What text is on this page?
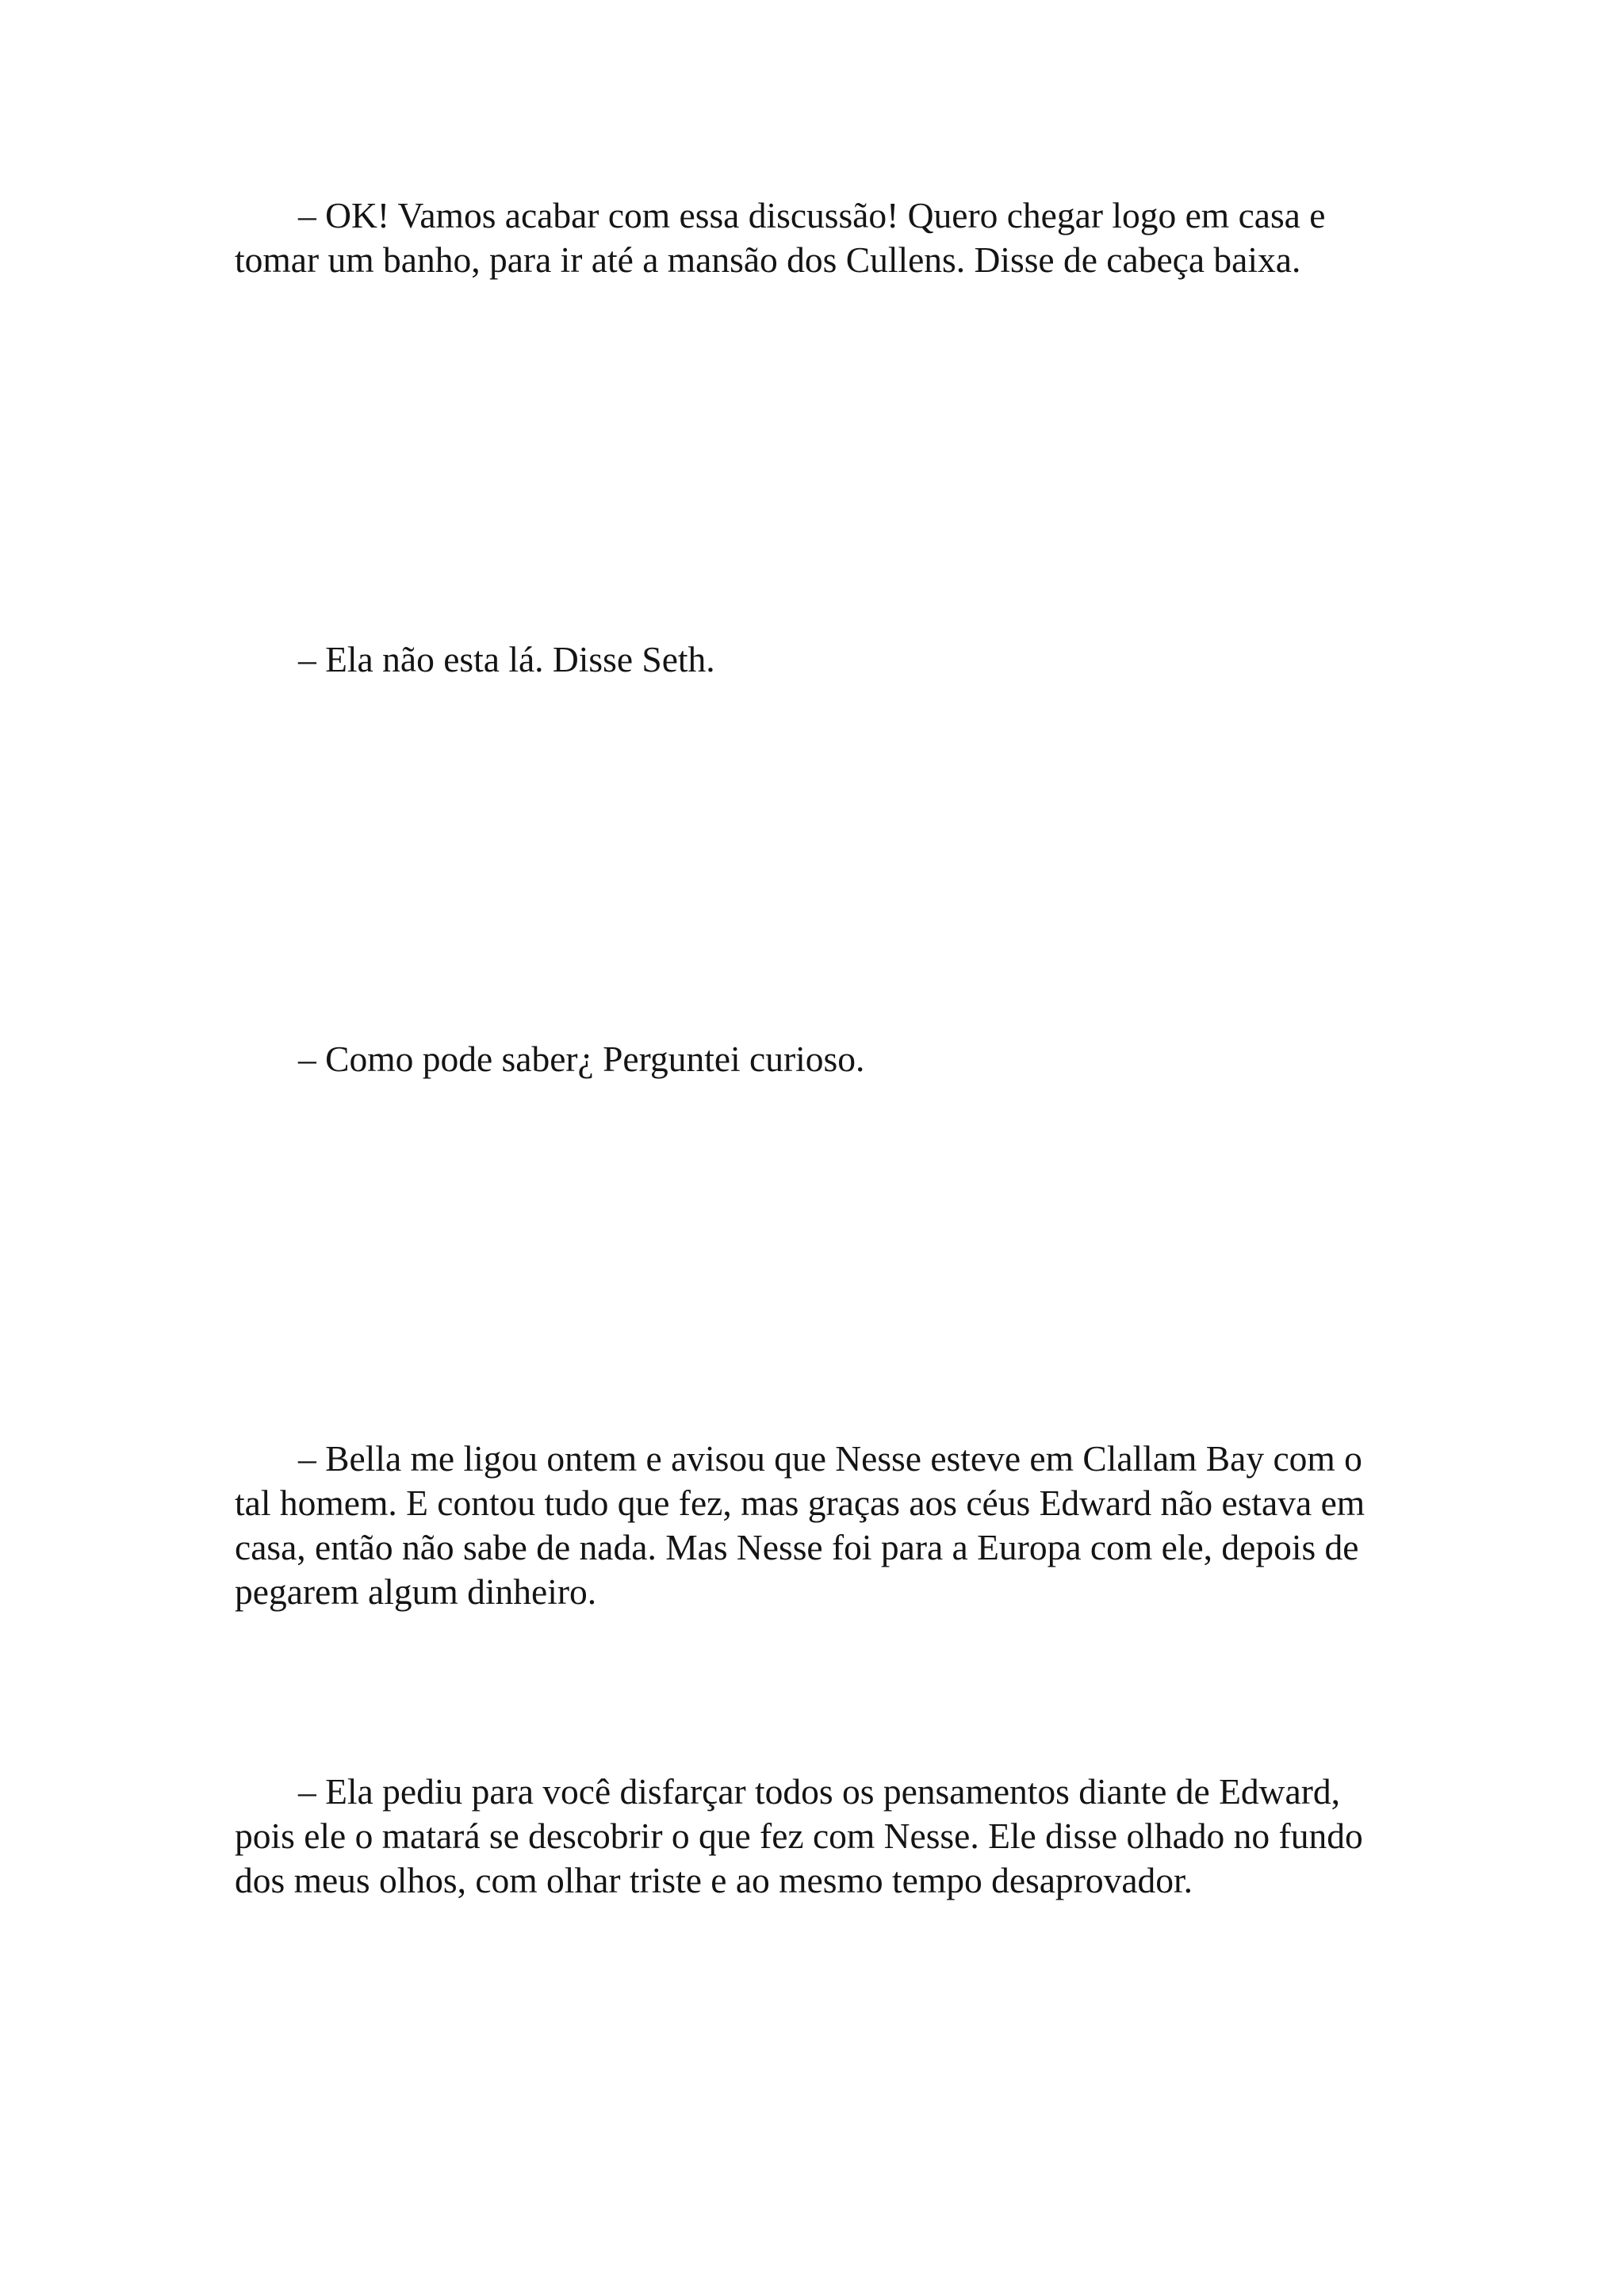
– OK! Vamos acabar com essa discussão! Quero chegar logo em casa e
tomar um banho, para ir até a mansão dos Cullens. Disse de cabeça baixa.
– Ela não esta lá. Disse Seth.
– Como pode saber¿ Perguntei curioso.
– Bella me ligou ontem e avisou que Nesse esteve em Clallam Bay com o
tal homem. E contou tudo que fez, mas graças aos céus Edward não estava em
casa, então não sabe de nada. Mas Nesse foi para a Europa com ele, depois de
pegarem algum dinheiro.
– Ela pediu para você disfarçar todos os pensamentos diante de Edward,
pois ele o matará se descobrir o que fez com Nesse. Ele disse olhado no fundo
dos meus olhos, com olhar triste e ao mesmo tempo desaprovador.
